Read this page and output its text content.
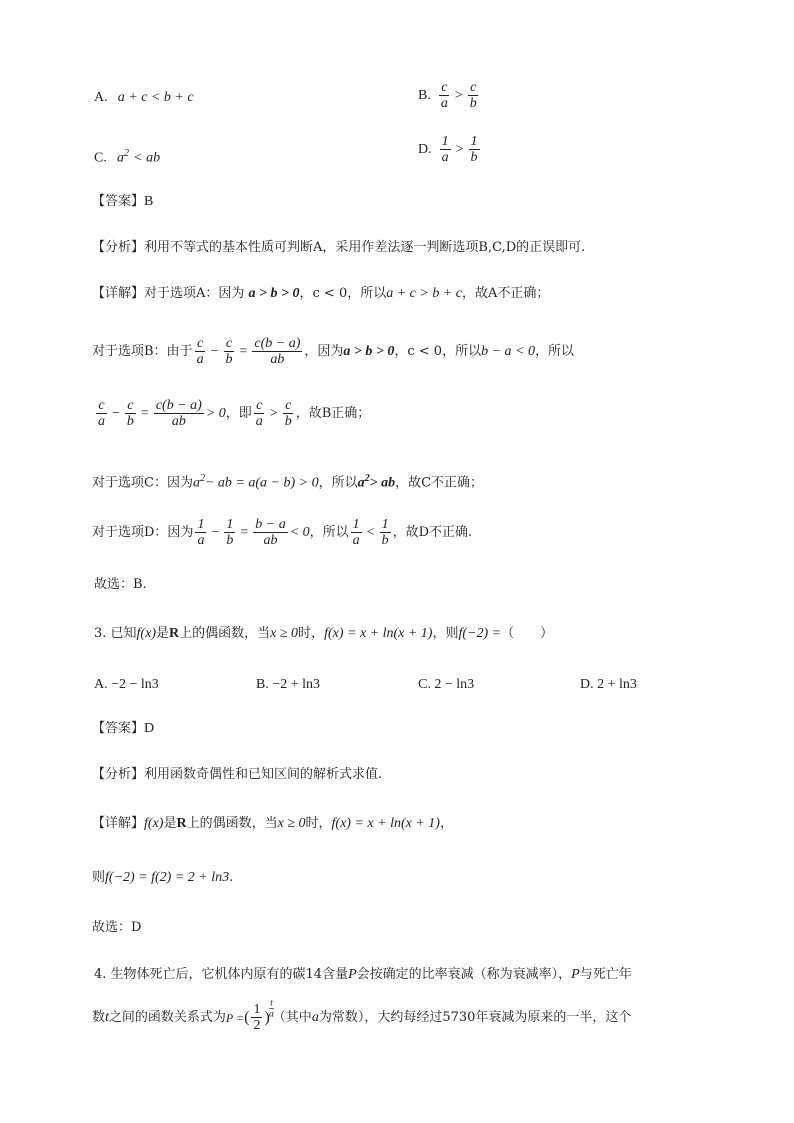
A. a + c < b + c	B. $\frac{c}{a} > \frac{c}{b}$
C. $a^2$ < ab
D. $\frac{1}{a} > \frac{1}{b}$
【答案】B
【分析】利用不等式的基本性质可判断A，采用作差法逐一判断选项B,C,D的正误即可.
【详解】对于选项A：因为 a > b > 0，c < 0，所以a + c > b + c，故A不正确；
对于选项B：由于 $\frac{c}{a} - \frac{c}{b} = \frac{c(b - a)}{ab}$ ，因为 a > b > 0 ，c < 0，所以 b − a < 0 ，所以
$\frac{c}{a} - \frac{c}{b} = \frac{c(b - a)}{ab} > 0$ ，即 $\frac{c}{a} > \frac{c}{b}$ ，故B正确；
对于选项C：因为$a^2-$ ab = a(a − b) > 0，所以$a^2>$ ab，故C不正确；
对于选项D：因为 $\frac{1}{a} - \frac{1}{b} = \frac{b - a}{ab} < 0$ ，所以 $\frac{1}{a} < \frac{1}{b}$ ，故D不正确.
故选：B.
3. 已知f(x)是R上的偶函数，当x ≥ 0时，f(x) = x + ln(x + 1)，则f(−2) =（　　）
A. −2 − ln3	B. −2 + ln3	C. 2 − ln3	D. 2 + ln3
【答案】D
【分析】利用函数奇偶性和已知区间的解析式求值.
【详解】f(x)是R上的偶函数，当x ≥ 0时，f(x) = x + ln(x + 1)，
则f(−2) = f(2) = 2 + ln3.
故选：D
4. 生物体死亡后，它机体内原有的碳14含量P会按确定的比率衰减（称为衰减率），P与死亡年
数 t 之间的函数关系式为 P = ( $\frac{1}{2}$ )
$\frac{t}{a}$
（其中 a 为常数），大约每经过5730年衰减为原来的一半，这个
